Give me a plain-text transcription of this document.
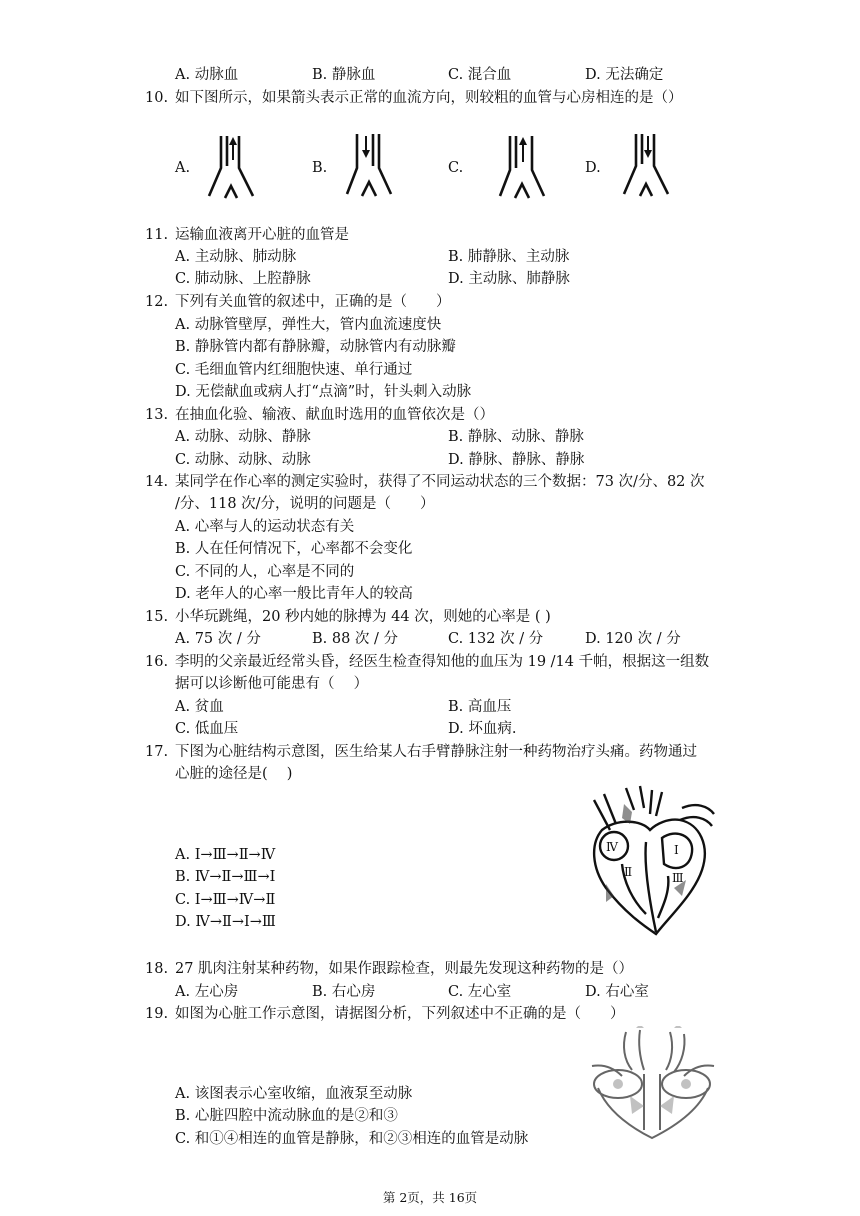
A. 动脉血	B. 静脉血	C. 混合血	D. 无法确定
10. 如下图所示，如果箭头表示正常的血流方向，则较粗的血管与心房相连的是（）
A.	B.	C.	D.
11. 运输血液离开心脏的血管是
A. 主动脉、肺动脉	B. 肺静脉、主动脉
C. 肺动脉、上腔静脉	D. 主动脉、肺静脉
12. 下列有关血管的叙述中，正确的是（　　）
A. 动脉管壁厚，弹性大，管内血流速度快
B. 静脉管内都有静脉瓣，动脉管内有动脉瓣
C. 毛细血管内红细胞快速、单行通过
D. 无偿献血或病人打“点滴”时，针头刺入动脉
13. 在抽血化验、输液、献血时选用的血管依次是（）
A. 动脉、动脉、静脉	B. 静脉、动脉、静脉
C. 动脉、动脉、动脉	D. 静脉、静脉、静脉
14. 某同学在作心率的测定实验时，获得了不同运动状态的三个数据：73 次/分、82 次
/分、118 次/分，说明的问题是（　　）
A. 心率与人的运动状态有关
B. 人在任何情况下，心率都不会变化
C. 不同的人，心率是不同的
D. 老年人的心率一般比青年人的较高
15. 小华玩跳绳，20 秒内她的脉搏为 44 次，则她的心率是 ( )
A. 75 次 / 分	B. 88 次 / 分	C. 132 次 / 分	D. 120 次 / 分
16. 李明的父亲最近经常头昏，经医生检查得知他的血压为 19 /14 千帕，根据这一组数
据可以诊断他可能患有（　 ）
A. 贫血	B. 高血压
C. 低血压	D. 坏血病.
17. 下图为心脏结构示意图，医生给某人右手臂静脉注射一种药物治疗头痛。药物通过
心脏的途径是(　 )
A. Ⅰ→Ⅲ→Ⅱ→Ⅳ
B. Ⅳ→Ⅱ→Ⅲ→Ⅰ
C. Ⅰ→Ⅲ→Ⅳ→Ⅱ
D. Ⅳ→Ⅱ→Ⅰ→Ⅲ
Ⅳ
Ⅱ
Ⅰ
Ⅲ
18. 27 肌肉注射某种药物，如果作跟踪检查，则最先发现这种药物的是（）
A. 左心房	B. 右心房	C. 左心室	D. 右心室
19. 如图为心脏工作示意图，请据图分析，下列叙述中不正确的是（　　）
A. 该图表示心室收缩，血液泵至动脉
B. 心脏四腔中流动脉血的是②和③
C. 和①④相连的血管是静脉，和②③相连的血管是动脉
第 2页，共 16页
